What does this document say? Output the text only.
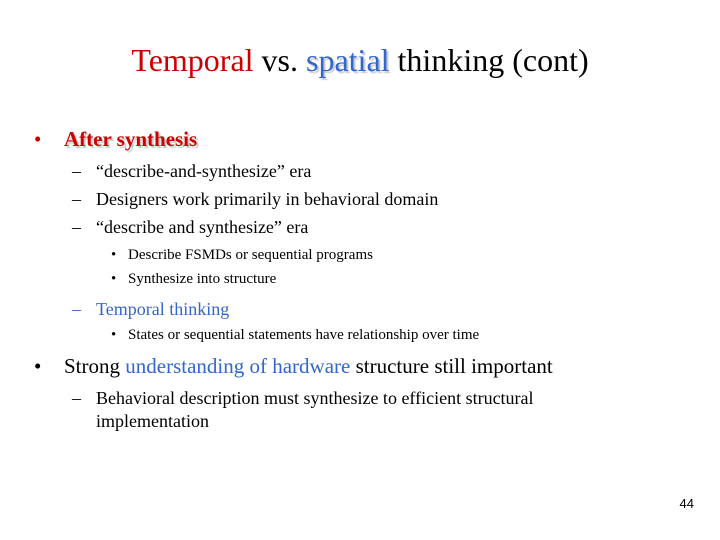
Temporal vs. spatial thinking (cont)
• After synthesis
– “describe-and-synthesize” era
– Designers work primarily in behavioral domain
– “describe and synthesize” era
• Describe FSMDs or sequential programs
• Synthesize into structure
– Temporal thinking
• States or sequential statements have relationship over time
• Strong understanding of hardware structure still important
– Behavioral description must synthesize to efficient structural
implementation
44
